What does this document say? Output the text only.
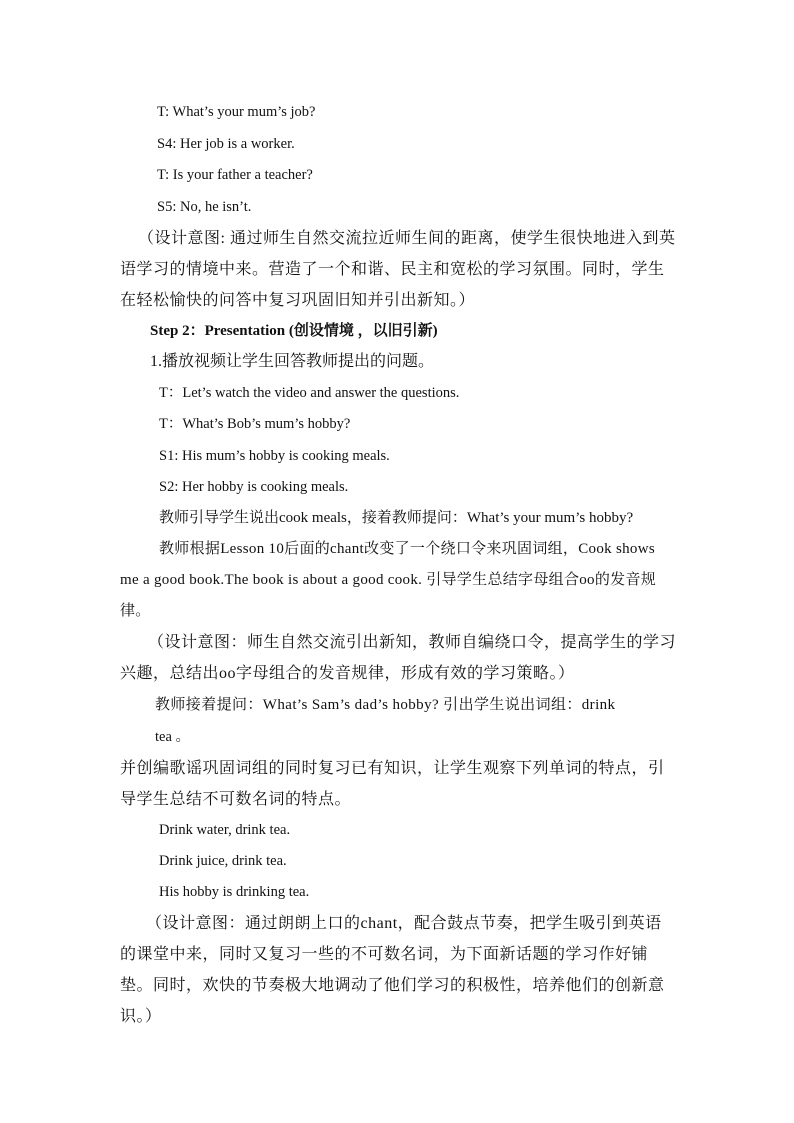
T: What’s your mum’s job?
S4: Her job is a worker.
T: Is your father a teacher?
S5: No, he isn’t.
（设计意图: 通过师生自然交流拉近师生间的距离，使学生很快地进入到英语学习的情境中来。营造了一个和谐、民主和宽松的学习氛围。同时，学生在轻松愉快的问答中复习巩固旧知并引出新知。）
Step 2：Presentation (创设情境 ，以旧引新)
1.播放视频让学生回答教师提出的问题。
T：Let’s watch the video and answer the questions.
T：What’s Bob’s mum’s hobby?
S1: His mum’s hobby is cooking meals.
S2: Her hobby is cooking meals.
教师引导学生说出cook meals，接着教师提问：What’s your mum’s hobby?
教师根据Lesson 10后面的chant改变了一个绕口令来巩固词组，Cook shows me a good book.The book is about a good cook. 引导学生总结字母组合oo的发音规律。
（设计意图：师生自然交流引出新知，教师自编绕口令，提高学生的学习兴趣，总结出oo字母组合的发音规律，形成有效的学习策略。）
教师接着提问：What’s Sam’s dad’s hobby? 引出学生说出词组：drink
tea 。
并创编歌谣巩固词组的同时复习已有知识，让学生观察下列单词的特点，引导学生总结不可数名词的特点。
Drink water, drink tea.
Drink juice, drink tea.
His hobby is drinking tea.
（设计意图：通过朗朗上口的chant，配合鼓点节奏，把学生吸引到英语的课堂中来，同时又复习一些的不可数名词，为下面新话题的学习作好铺垫。同时，欢快的节奏极大地调动了他们学习的积极性，培养他们的创新意识。）
